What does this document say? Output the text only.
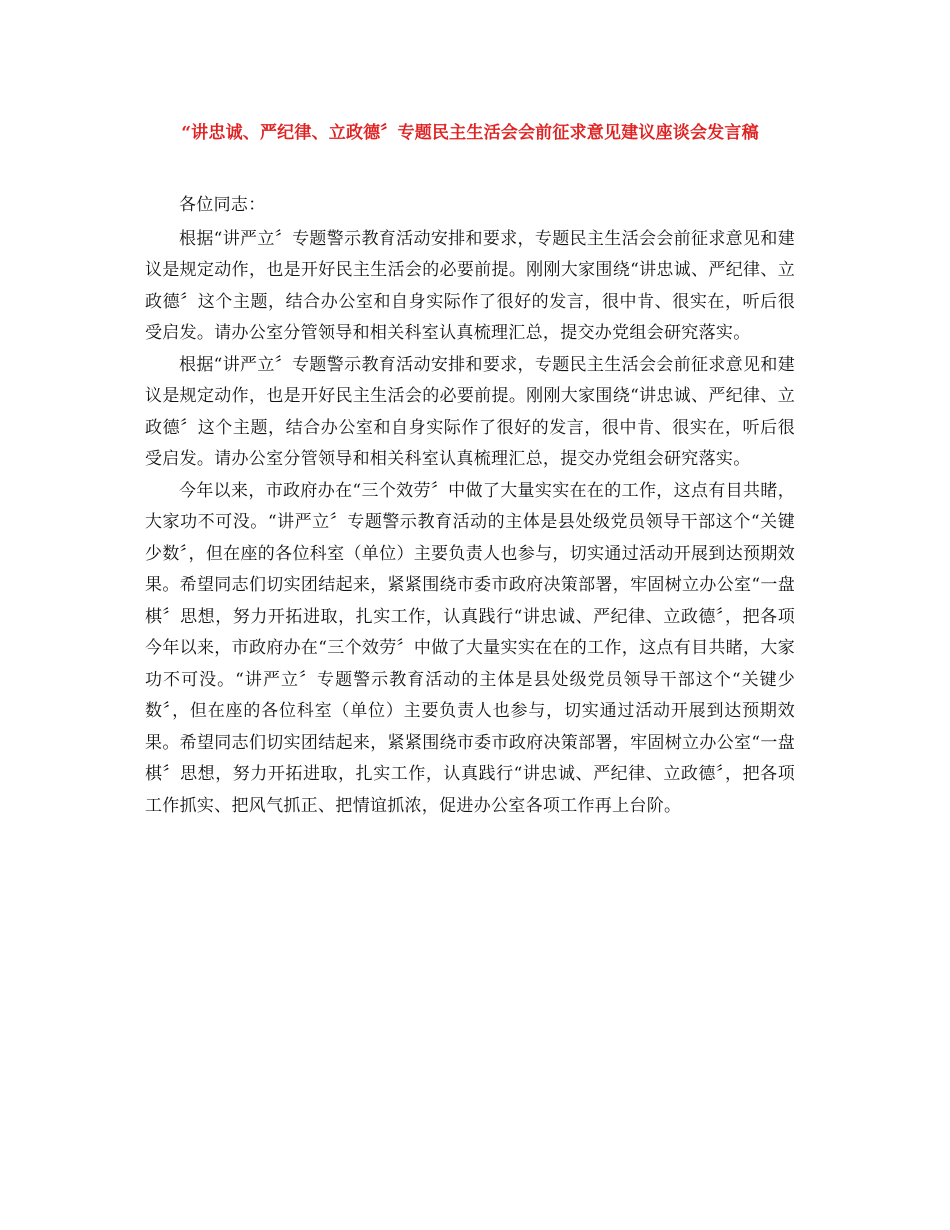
“讲忠诚、严纪律、立政德〞专题民主生活会会前征求意见建议座谈会发言稿

各位同志：

根据“讲严立〞专题警示教育活动安排和要求，专题民主生活会会前征求意见和建议是规定动作，也是开好民主生活会的必要前提。刚刚大家围绕“讲忠诚、严纪律、立政德〞这个主题，结合办公室和自身实际作了很好的发言，很中肯、很实在，听后很受启发。请办公室分管领导和相关科室认真梳理汇总，提交办党组会研究落实。

根据“讲严立〞专题警示教育活动安排和要求，专题民主生活会会前征求意见和建议是规定动作，也是开好民主生活会的必要前提。刚刚大家围绕“讲忠诚、严纪律、立政德〞这个主题，结合办公室和自身实际作了很好的发言，很中肯、很实在，听后很受启发。请办公室分管领导和相关科室认真梳理汇总，提交办党组会研究落实。

今年以来，市政府办在“三个效劳〞中做了大量实实在在的工作，这点有目共睹，大家功不可没。“讲严立〞专题警示教育活动的主体是县处级党员领导干部这个“关键少数〞，但在座的各位科室（单位）主要负责人也参与，切实通过活动开展到达预期效果。希望同志们切实团结起来，紧紧围绕市委市政府决策部署，牢固树立办公室“一盘棋〞思想，努力开拓进取，扎实工作，认真践行“讲忠诚、严纪律、立政德〞，把各项今年以来，市政府办在“三个效劳〞中做了大量实实在在的工作，这点有目共睹，大家功不可没。“讲严立〞专题警示教育活动的主体是县处级党员领导干部这个“关键少数〞，但在座的各位科室（单位）主要负责人也参与，切实通过活动开展到达预期效果。希望同志们切实团结起来，紧紧围绕市委市政府决策部署，牢固树立办公室“一盘棋〞思想，努力开拓进取，扎实工作，认真践行“讲忠诚、严纪律、立政德〞，把各项工作抓实、把风气抓正、把情谊抓浓，促进办公室各项工作再上台阶。
